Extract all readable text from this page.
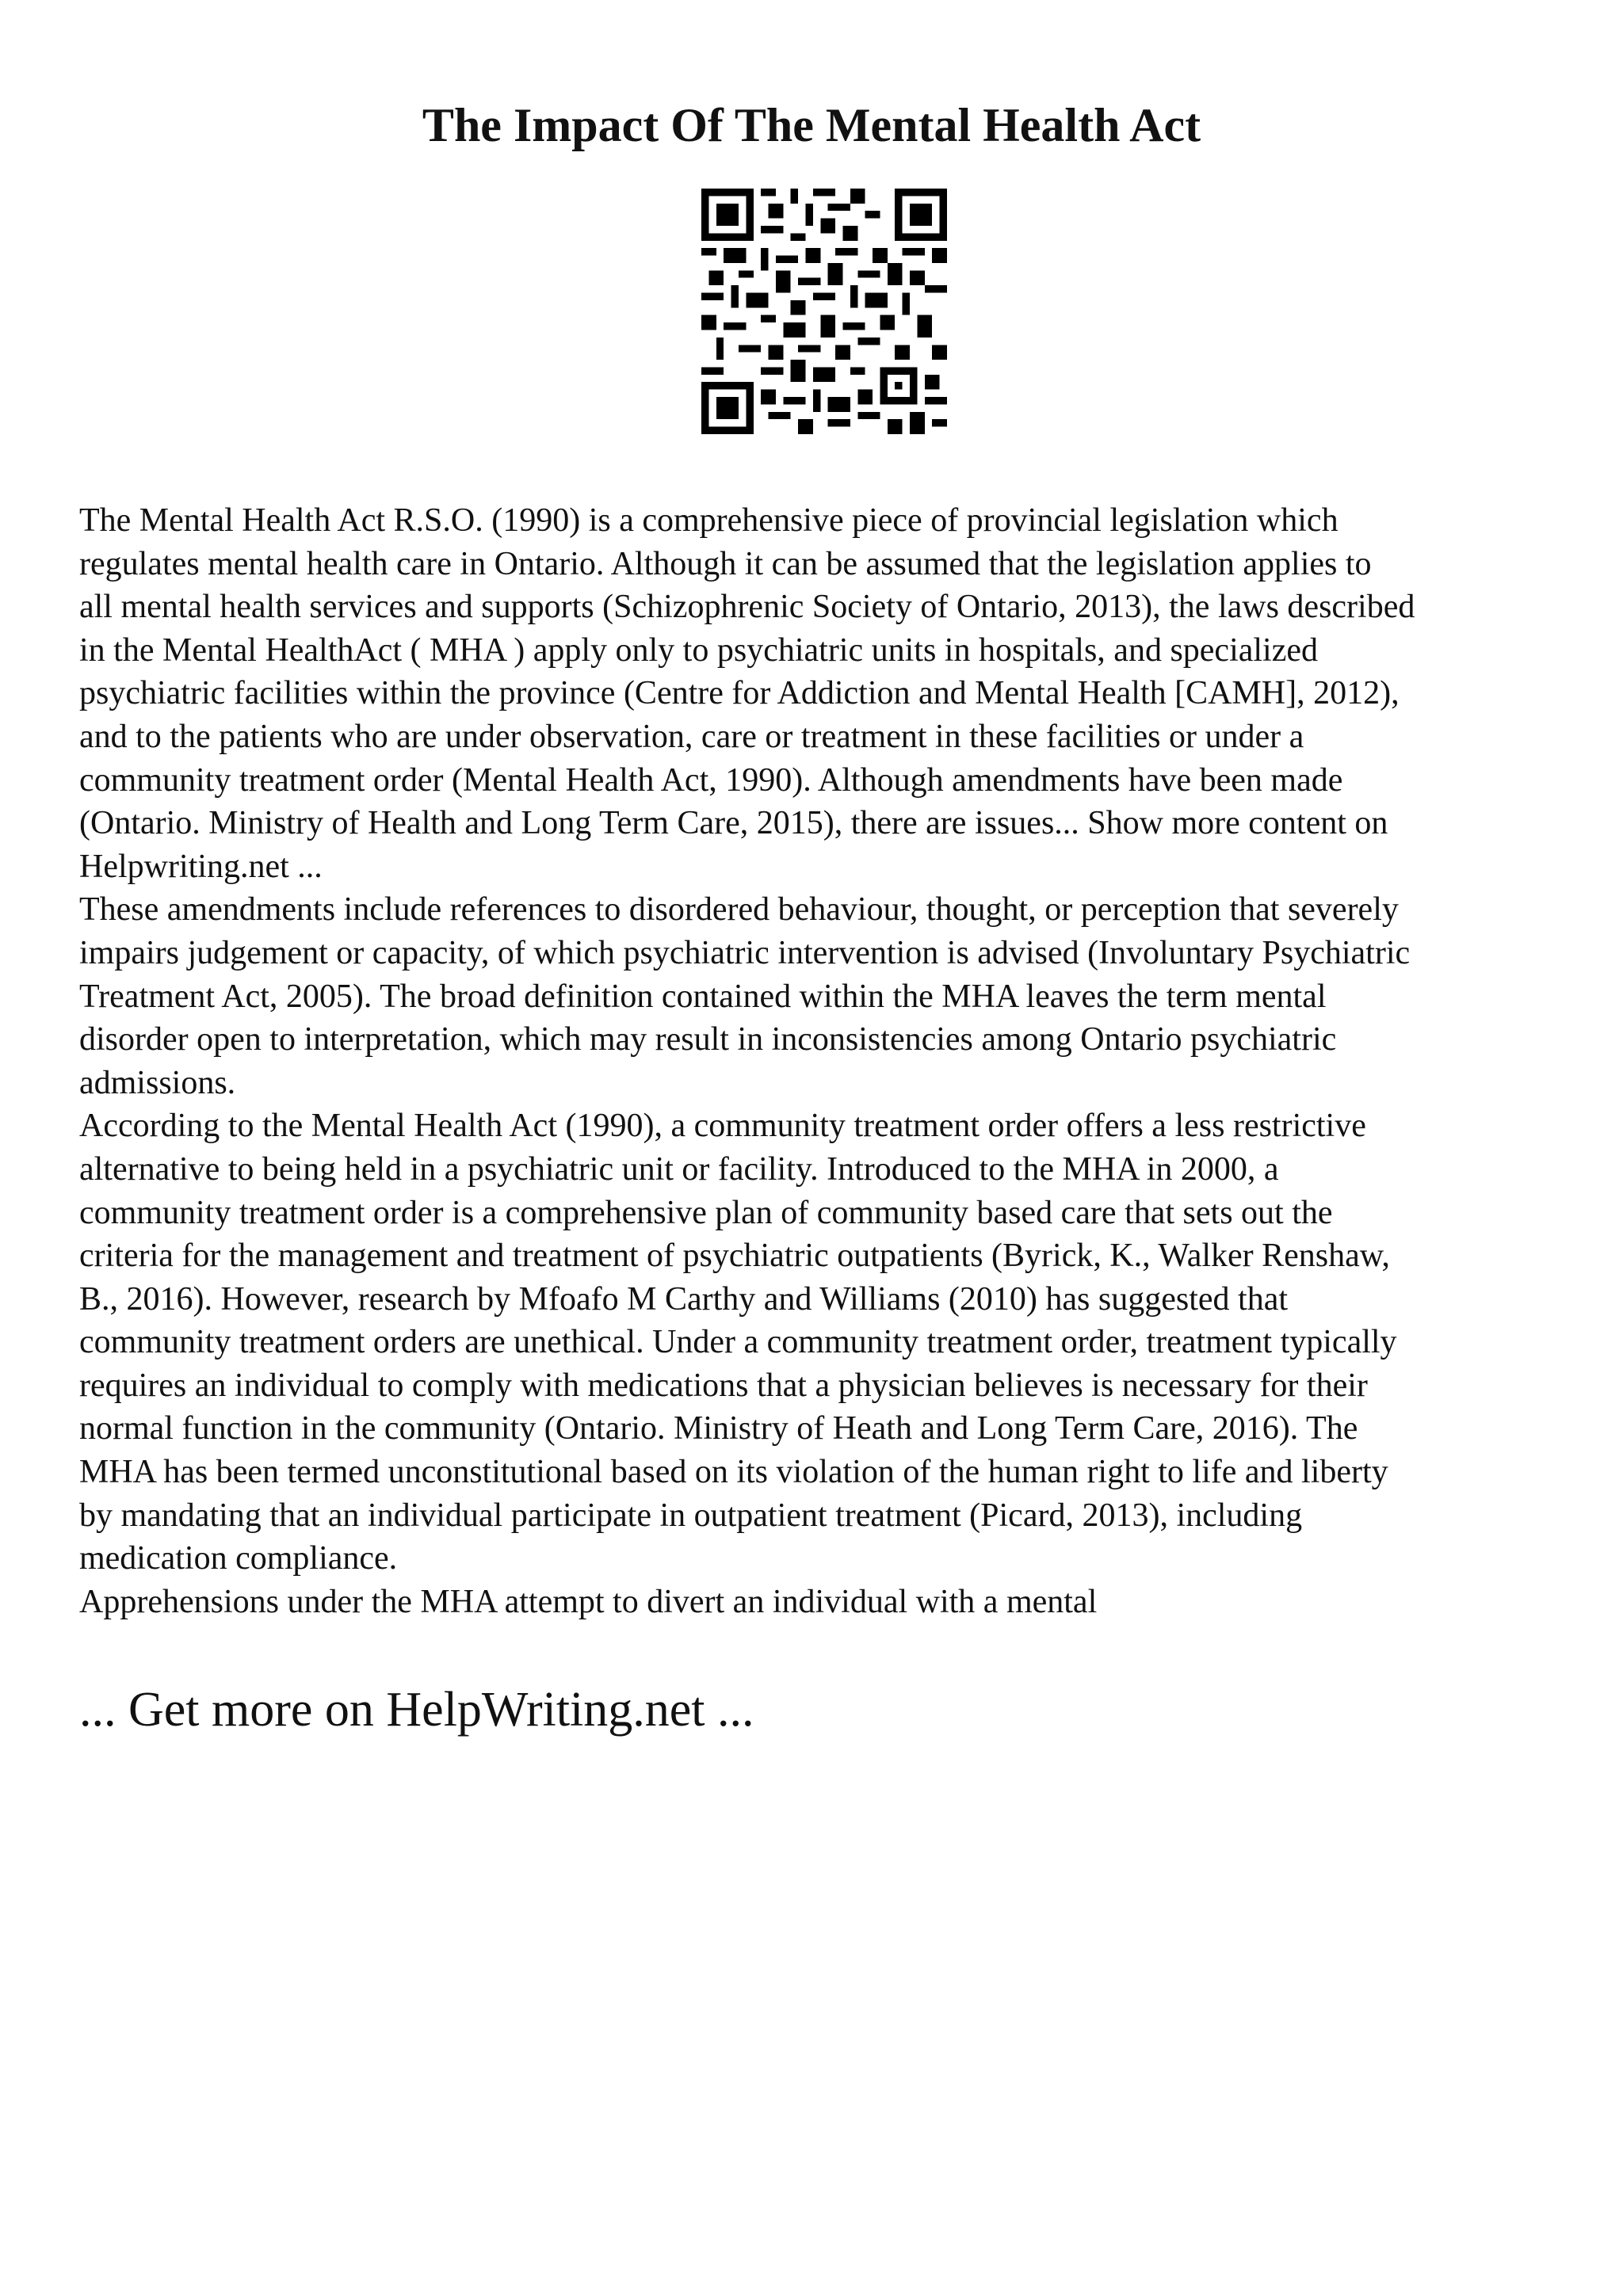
The Impact Of The Mental Health Act
The Mental Health Act R.S.O. (1990) is a comprehensive piece of provincial legislation which
regulates mental health care in Ontario. Although it can be assumed that the legislation applies to
all mental health services and supports (Schizophrenic Society of Ontario, 2013), the laws described
in the Mental HealthAct ( MHA ) apply only to psychiatric units in hospitals, and specialized
psychiatric facilities within the province (Centre for Addiction and Mental Health [CAMH], 2012),
and to the patients who are under observation, care or treatment in these facilities or under a
community treatment order (Mental Health Act, 1990). Although amendments have been made
(Ontario. Ministry of Health and Long Term Care, 2015), there are issues... Show more content on
Helpwriting.net ...
These amendments include references to disordered behaviour, thought, or perception that severely
impairs judgement or capacity, of which psychiatric intervention is advised (Involuntary Psychiatric
Treatment Act, 2005). The broad definition contained within the MHA leaves the term mental
disorder open to interpretation, which may result in inconsistencies among Ontario psychiatric
admissions.
According to the Mental Health Act (1990), a community treatment order offers a less restrictive
alternative to being held in a psychiatric unit or facility. Introduced to the MHA in 2000, a
community treatment order is a comprehensive plan of community based care that sets out the
criteria for the management and treatment of psychiatric outpatients (Byrick, K., Walker Renshaw,
B., 2016). However, research by Mfoafo M Carthy and Williams (2010) has suggested that
community treatment orders are unethical. Under a community treatment order, treatment typically
requires an individual to comply with medications that a physician believes is necessary for their
normal function in the community (Ontario. Ministry of Heath and Long Term Care, 2016). The
MHA has been termed unconstitutional based on its violation of the human right to life and liberty
by mandating that an individual participate in outpatient treatment (Picard, 2013), including
medication compliance.
Apprehensions under the MHA attempt to divert an individual with a mental

... Get more on HelpWriting.net ...
